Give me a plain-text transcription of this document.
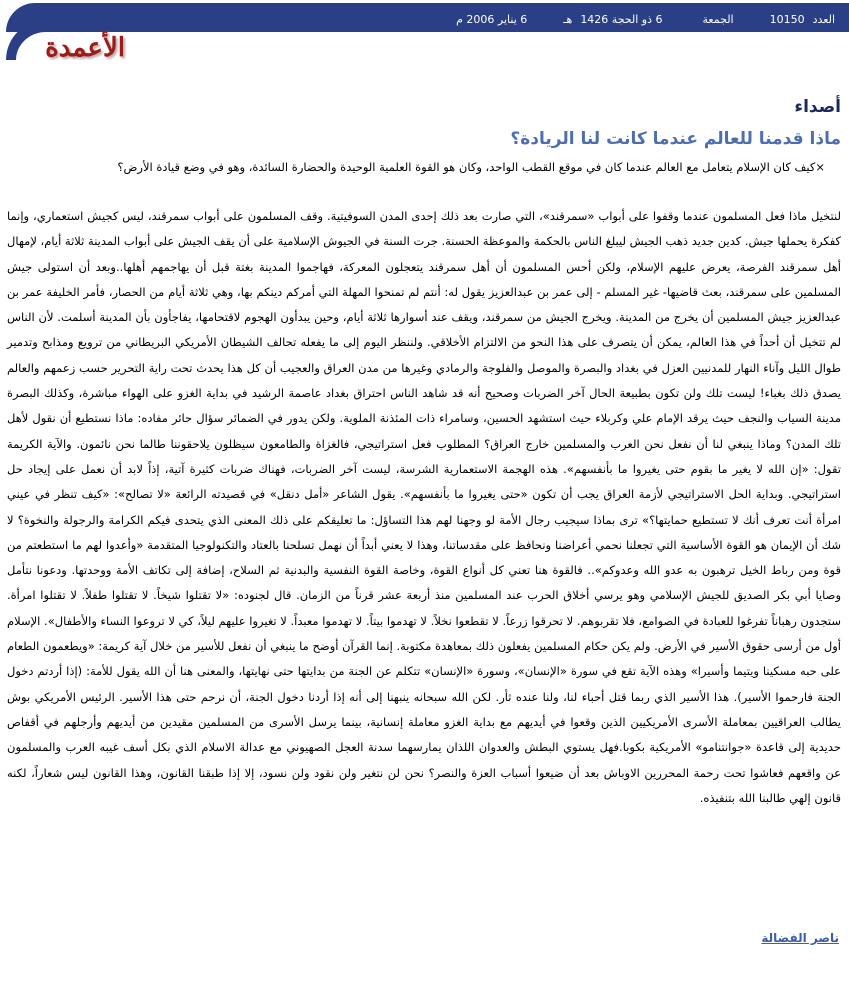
العدد
10150
الجمعة
6 ذو الحجة 1426
هـ
6 يناير 2006 م
الأعمدة
أصداء
ماذا قدمنا للعالم عندما كانت لنا الريادة؟

×كيف كان الإسلام يتعامل مع العالم عندما كان في موقع القطب الواحد، وكان هو القوة العلمية الوحيدة والحضارة السائدة، وهو في وضع قيادة الأرض؟

لنتخيل ماذا فعل المسلمون عندما وقفوا على أبواب «سمرقند»، التي صارت بعد ذلك إحدى المدن السوفيتية. وقف المسلمون على أبواب سمرقند، ليس كجيش استعماري، وإنما كفكرة يحملها جيش. كدين جديد ذهب الجيش ليبلغ الناس بالحكمة والموعظة الحسنة. جرت السنة في الجيوش الإسلامية على أن يقف الجيش على أبواب المدينة ثلاثة أيام، لإمهال أهل سمرقند الفرصة، يعرض عليهم الإسلام، ولكن أحس المسلمون أن أهل سمرقند يتعجلون المعركة، فهاجموا المدينة بغتة قبل أن يهاجمهم أهلها..وبعد أن استولى جيش المسلمين على سمرقند، بعث قاضيها- غير المسلم - إلى عمر بن عبدالعزيز يقول له: أنتم لم تمنحوا المهلة التي أمركم دينكم بها، وهي ثلاثة أيام من الحصار، فأمر الخليفة عمر بن عبدالعزيز جيش المسلمين أن يخرج من المدينة. ويخرج الجيش من سمرقند، ويقف عند أسوارها ثلاثة أيام، وحين يبدأون الهجوم لاقتحامها، يفاجأون بأن المدينة أسلمت. لأن الناس لم تتخيل أن أحداً في هذا العالم، يمكن أن يتصرف على هذا النحو من الالتزام الأخلاقي. ولننظر اليوم إلى ما يفعله تحالف الشيطان الأمريكي البريطاني من ترويع ومذابح وتدمير طوال الليل وآناء النهار للمدنيين العزل في بغداد والبصرة والموصل والفلوجة والرمادي وغيرها من مدن العراق والعجيب أن كل هذا يحدث تحت راية التحرير حسب زعمهم والعالم يصدق ذلك بغباء! ليست تلك ولن تكون بطبيعة الحال آخر الضربات وصحيح أنه قد شاهد الناس احتراق بغداد عاصمة الرشيد في بداية الغزو على الهواء مباشرة، وكذلك البصرة مدينة السياب والنجف حيث يرقد الإمام علي وكربلاء حيث استشهد الحسين، وسامراء ذات المئذنة الملوية. ولكن يدور في الضمائر سؤال حائر مفاده: ماذا نستطيع أن نقول لأهل تلك المدن؟ وماذا ينبغي لنا أن نفعل نحن العرب والمسلمين خارج العراق؟ المطلوب فعل استراتيجي، فالغزاة والطامعون سيظلون يلاحقوننا طالما نحن نائمون. والآية الكريمة تقول: «إن الله لا يغير ما بقوم حتى يغيروا ما بأنفسهم». هذه الهجمة الاستعمارية الشرسة، ليست آخر الضربات، فهناك ضربات كثيرة آتية، إذاً لابد أن نعمل على إيجاد حل استراتيجي. وبداية الحل الاستراتيجي لأزمة العراق يجب أن تكون «حتى يغيروا ما بأنفسهم». يقول الشاعر «أمل دنقل» في قصيدته الرائعة «لا تصالح»: «كيف تنظر في عيني امرأة أنت تعرف أنك لا تستطيع حمايتها؟» ترى بماذا سيجيب رجال الأمة لو وجهنا لهم هذا التساؤل: ما تعليقكم على ذلك المعنى الذي يتحدى فيكم الكرامة والرجولة والنخوة؟ لا شك أن الإيمان هو القوة الأساسية التي تجعلنا نحمي أعراضنا ونحافظ على مقدساتنا، وهذا لا يعني أبداً أن نهمل تسلحنا بالعتاد والتكنولوجيا المتقدمة «وأعدوا لهم ما استطعتم من قوة ومن رباط الخيل ترهبون به عدو الله وعدوكم».. فالقوة هنا تعني كل أنواع القوة، وخاصة القوة النفسية والبدنية ثم السلاح، إضافة إلى تكاتف الأمة ووحدتها. ودعونا نتأمل وصايا أبي بكر الصديق للجيش الإسلامي وهو يرسي أخلاق الحرب عند المسلمين منذ أربعة عشر قرناً من الزمان. قال لجنوده: «لا تقتلوا شيخاً. لا تقتلوا طفلاً. لا تقتلوا امرأة. ستجدون رهباناً تفرغوا للعبادة في الصوامع، فلا تقربوهم. لا تحرقوا زرعاً. لا تقطعوا نخلاً. لا تهدموا بيتاً. لا تهدموا معبداً. لا تغيروا عليهم ليلاً، كي لا تروعوا النساء والأطفال». الإسلام أول من أرسى حقوق الأسير في الأرض. ولم يكن حكام المسلمين يفعلون ذلك بمعاهدة مكتوبة. إنما القرآن أوضح ما ينبغي أن نفعل للأسير من خلال آية كريمة: «ويطعمون الطعام على حبه مسكينا ويتيما وأسيرا» وهذه الآية تقع في سورة «الإنسان»، وسورة «الإنسان» تتكلم عن الجنة من بدايتها حتى نهايتها، والمعنى هنا أن الله يقول للأمة: (إذا أردتم دخول الجنة فارحموا الأسير). هذا الأسير الذي ربما قتل أحباء لنا، ولنا عنده ثأر. لكن الله سبحانه ينبهنا إلى أنه إذا أردنا دخول الجنة، أن نرحم حتى هذا الأسير. الرئيس الأمريكي بوش يطالب العراقيين بمعاملة الأسرى الأمريكيين الذين وقعوا في أيديهم مع بداية الغزو معاملة إنسانية، بينما يرسل الأسرى من المسلمين مقيدين من أيديهم وأرجلهم في أقفاص حديدية إلى قاعدة «جوانتنامو» الأمريكية بكوبا.فهل يستوي البطش والعدوان اللذان يمارسهما سدنة العجل الصهيوني مع عدالة الاسلام الذي بكل أسف غيبه العرب والمسلمون عن واقعهم فعاشوا تحت رحمة المحررين الاوباش بعد أن ضيعوا أسباب العزة والنصر؟ نحن لن نتغير ولن نقود ولن نسود، إلا إذا طبقنا القانون، وهذا القانون ليس شعاراً، لكنه قانون إلهي طالبنا الله بتنفيذه.

ناصر الفضالة
